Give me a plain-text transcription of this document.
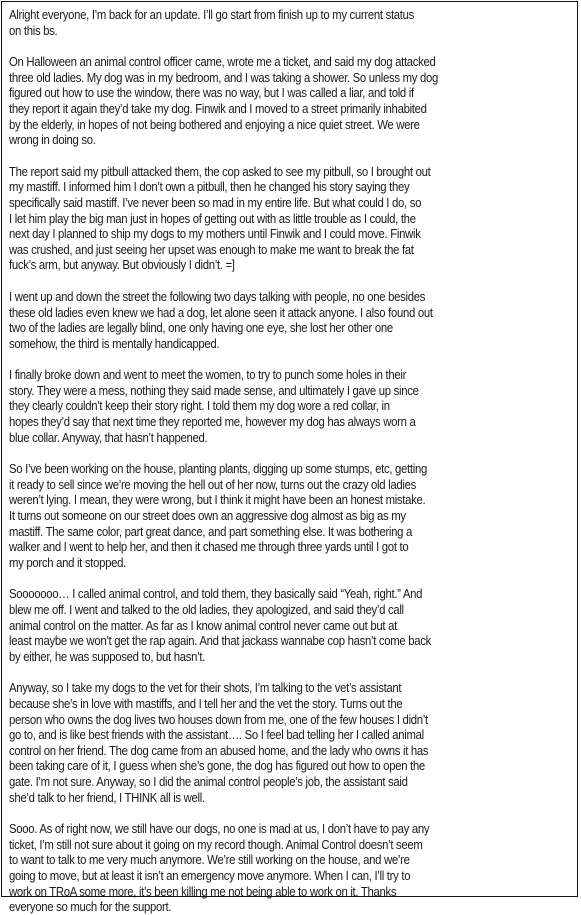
Alright everyone, I’m back for an update. I’ll go start from finish up to my current status
on this bs.

On Halloween an animal control officer came, wrote me a ticket, and said my dog attacked
three old ladies. My dog was in my bedroom, and I was taking a shower. So unless my dog
figured out how to use the window, there was no way, but I was called a liar, and told if
they report it again they’d take my dog. Finwik and I moved to a street primarily inhabited
by the elderly, in hopes of not being bothered and enjoying a nice quiet street. We were
wrong in doing so.

The report said my pitbull attacked them, the cop asked to see my pitbull, so I brought out
my mastiff. I informed him I don’t own a pitbull, then he changed his story saying they
specifically said mastiff. I’ve never been so mad in my entire life. But what could I do, so
I let him play the big man just in hopes of getting out with as little trouble as I could, the
next day I planned to ship my dogs to my mothers until Finwik and I could move. Finwik
was crushed, and just seeing her upset was enough to make me want to break the fat
fuck’s arm, but anyway. But obviously I didn’t. =]

I went up and down the street the following two days talking with people, no one besides
these old ladies even knew we had a dog, let alone seen it attack anyone. I also found out
two of the ladies are legally blind, one only having one eye, she lost her other one
somehow, the third is mentally handicapped.

I finally broke down and went to meet the women, to try to punch some holes in their
story. They were a mess, nothing they said made sense, and ultimately I gave up since
they clearly couldn’t keep their story right. I told them my dog wore a red collar, in
hopes they’d say that next time they reported me, however my dog has always worn a
blue collar. Anyway, that hasn’t happened.

So I’ve been working on the house, planting plants, digging up some stumps, etc, getting
it ready to sell since we’re moving the hell out of her now, turns out the crazy old ladies
weren’t lying. I mean, they were wrong, but I think it might have been an honest mistake.
It turns out someone on our street does own an aggressive dog almost as big as my
mastiff. The same color, part great dance, and part something else. It was bothering a
walker and I went to help her, and then it chased me through three yards until I got to
my porch and it stopped.

Sooooooo… I called animal control, and told them, they basically said “Yeah, right.” And
blew me off. I went and talked to the old ladies, they apologized, and said they’d call
animal control on the matter. As far as I know animal control never came out but at
least maybe we won’t get the rap again. And that jackass wannabe cop hasn’t come back
by either, he was supposed to, but hasn’t.

Anyway, so I take my dogs to the vet for their shots, I’m talking to the vet’s assistant
because she’s in love with mastiffs, and I tell her and the vet the story. Turns out the
person who owns the dog lives two houses down from me, one of the few houses I didn’t
go to, and is like best friends with the assistant…. So I feel bad telling her I called animal
control on her friend. The dog came from an abused home, and the lady who owns it has
been taking care of it, I guess when she’s gone, the dog has figured out how to open the
gate. I’m not sure. Anyway, so I did the animal control people’s job, the assistant said
she’d talk to her friend, I THINK all is well.

Sooo. As of right now, we still have our dogs, no one is mad at us, I don’t have to pay any
ticket, I’m still not sure about it going on my record though. Animal Control doesn’t seem
to want to talk to me very much anymore. We’re still working on the house, and we’re
going to move, but at least it isn’t an emergency move anymore. When I can, I’ll try to
work on TRoA some more, it’s been killing me not being able to work on it. Thanks
everyone so much for the support.
